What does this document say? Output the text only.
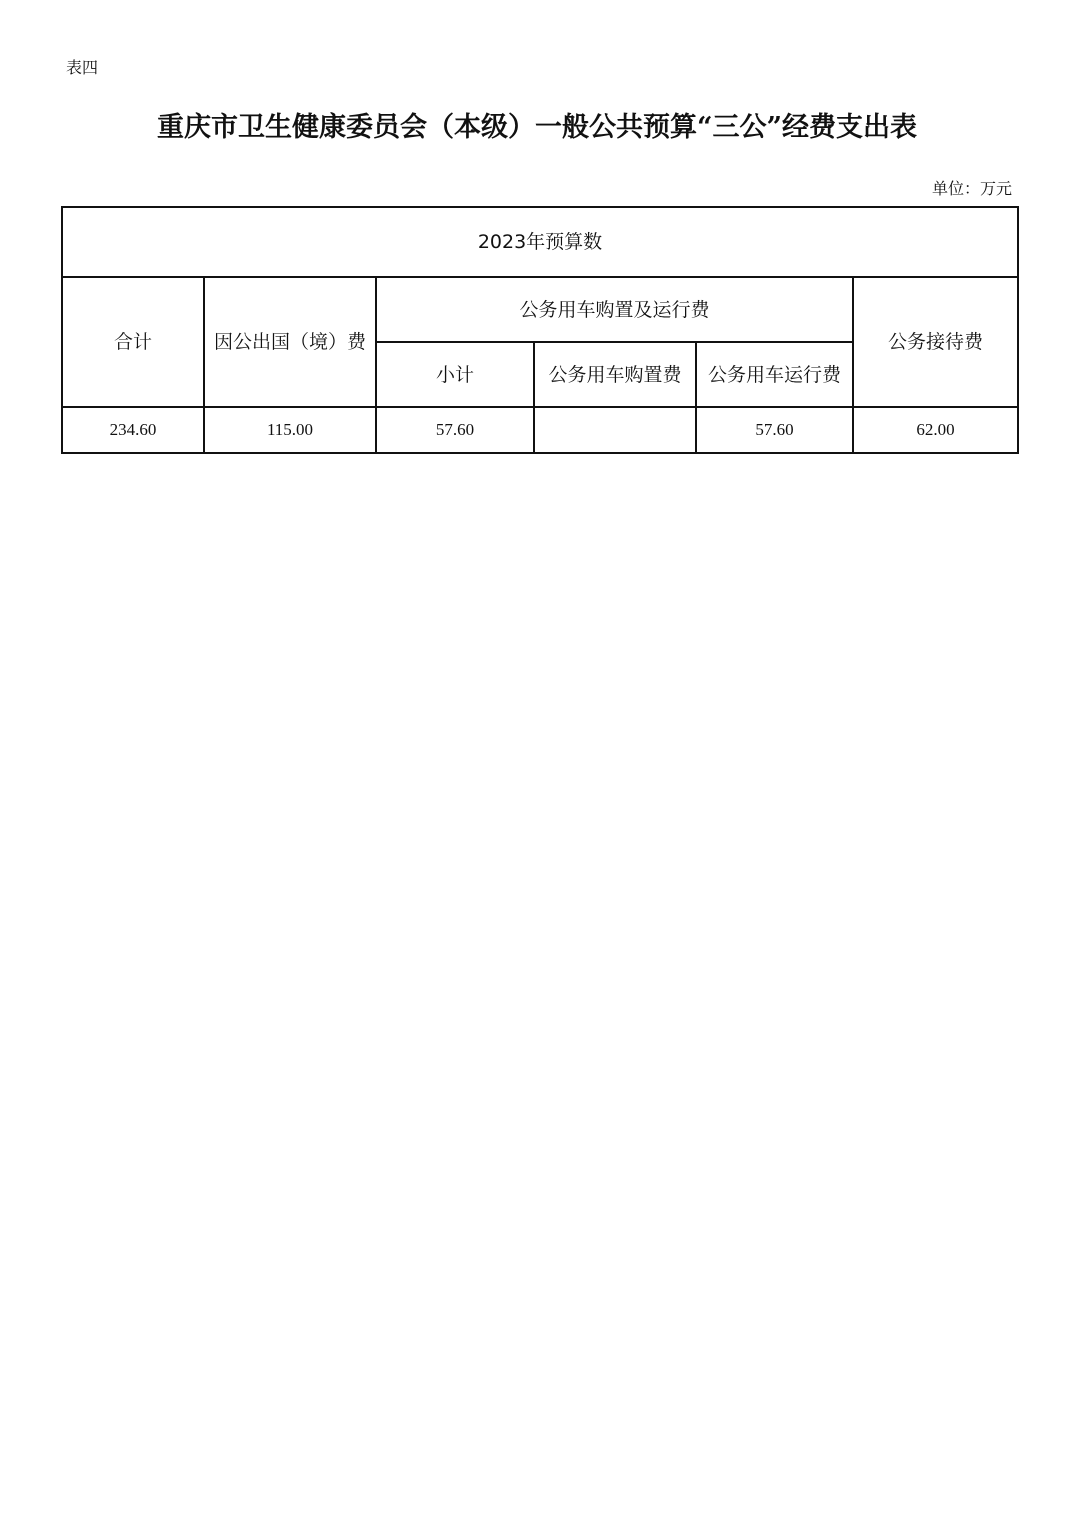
表四
重庆市卫生健康委员会（本级）一般公共预算“三公”经费支出表
单位：万元
2023年预算数					
合计	因公出国（境）费	公务用车购置及运行费			公务接待费
		小计	公务用车购置费	公务用车运行费	
234.60	115.00	57.60		57.60	62.00
